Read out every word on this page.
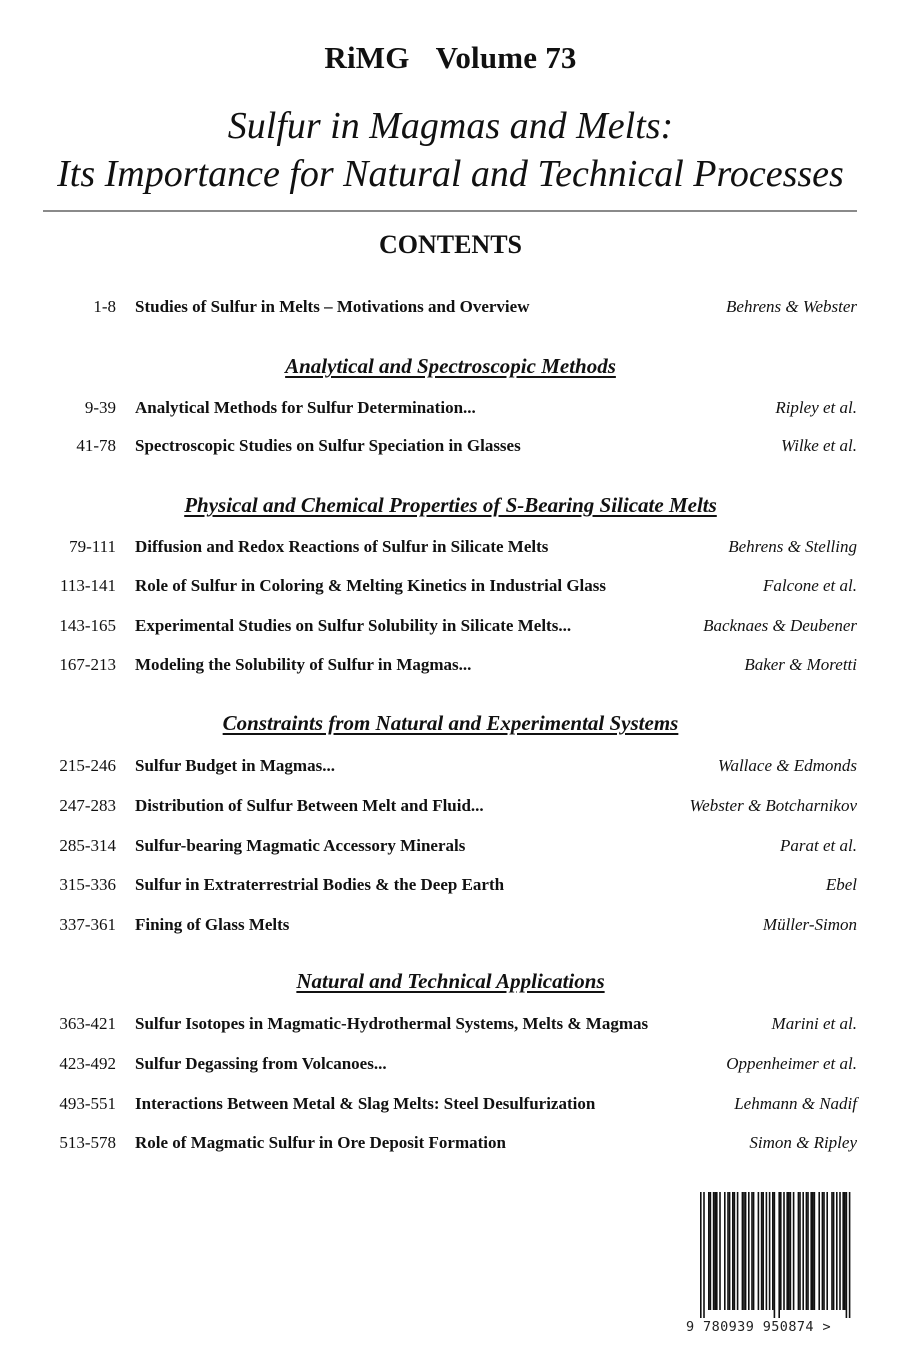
RiMG Volume 73
Sulfur in Magmas and Melts:
Its Importance for Natural and Technical Processes
CONTENTS
1-8 Studies of Sulfur in Melts – Motivations and Overview	Behrens & Webster
Analytical and Spectroscopic Methods
9-39 Analytical Methods for Sulfur Determination...	Ripley et al.
41-78 Spectroscopic Studies on Sulfur Speciation in Glasses	Wilke et al.
Physical and Chemical Properties of S-Bearing Silicate Melts
79-111 Diffusion and Redox Reactions of Sulfur in Silicate Melts	Behrens & Stelling
113-141 Role of Sulfur in Coloring & Melting Kinetics in Industrial Glass	Falcone et al.
143-165 Experimental Studies on Sulfur Solubility in Silicate Melts...	Backnaes & Deubener
167-213 Modeling the Solubility of Sulfur in Magmas...	Baker & Moretti
Constraints from Natural and Experimental Systems
215-246 Sulfur Budget in Magmas...	Wallace & Edmonds
247-283 Distribution of Sulfur Between Melt and Fluid...	Webster & Botcharnikov
285-314 Sulfur-bearing Magmatic Accessory Minerals	Parat et al.
315-336 Sulfur in Extraterrestrial Bodies & the Deep Earth	Ebel
337-361 Fining of Glass Melts	Müller-Simon
Natural and Technical Applications
363-421 Sulfur Isotopes in Magmatic-Hydrothermal Systems, Melts & Magmas	Marini et al.
423-492 Sulfur Degassing from Volcanoes...	Oppenheimer et al.
493-551 Interactions Between Metal & Slag Melts: Steel Desulfurization	Lehmann & Nadif
513-578 Role of Magmatic Sulfur in Ore Deposit Formation	Simon & Ripley
9 780939 950874 >
